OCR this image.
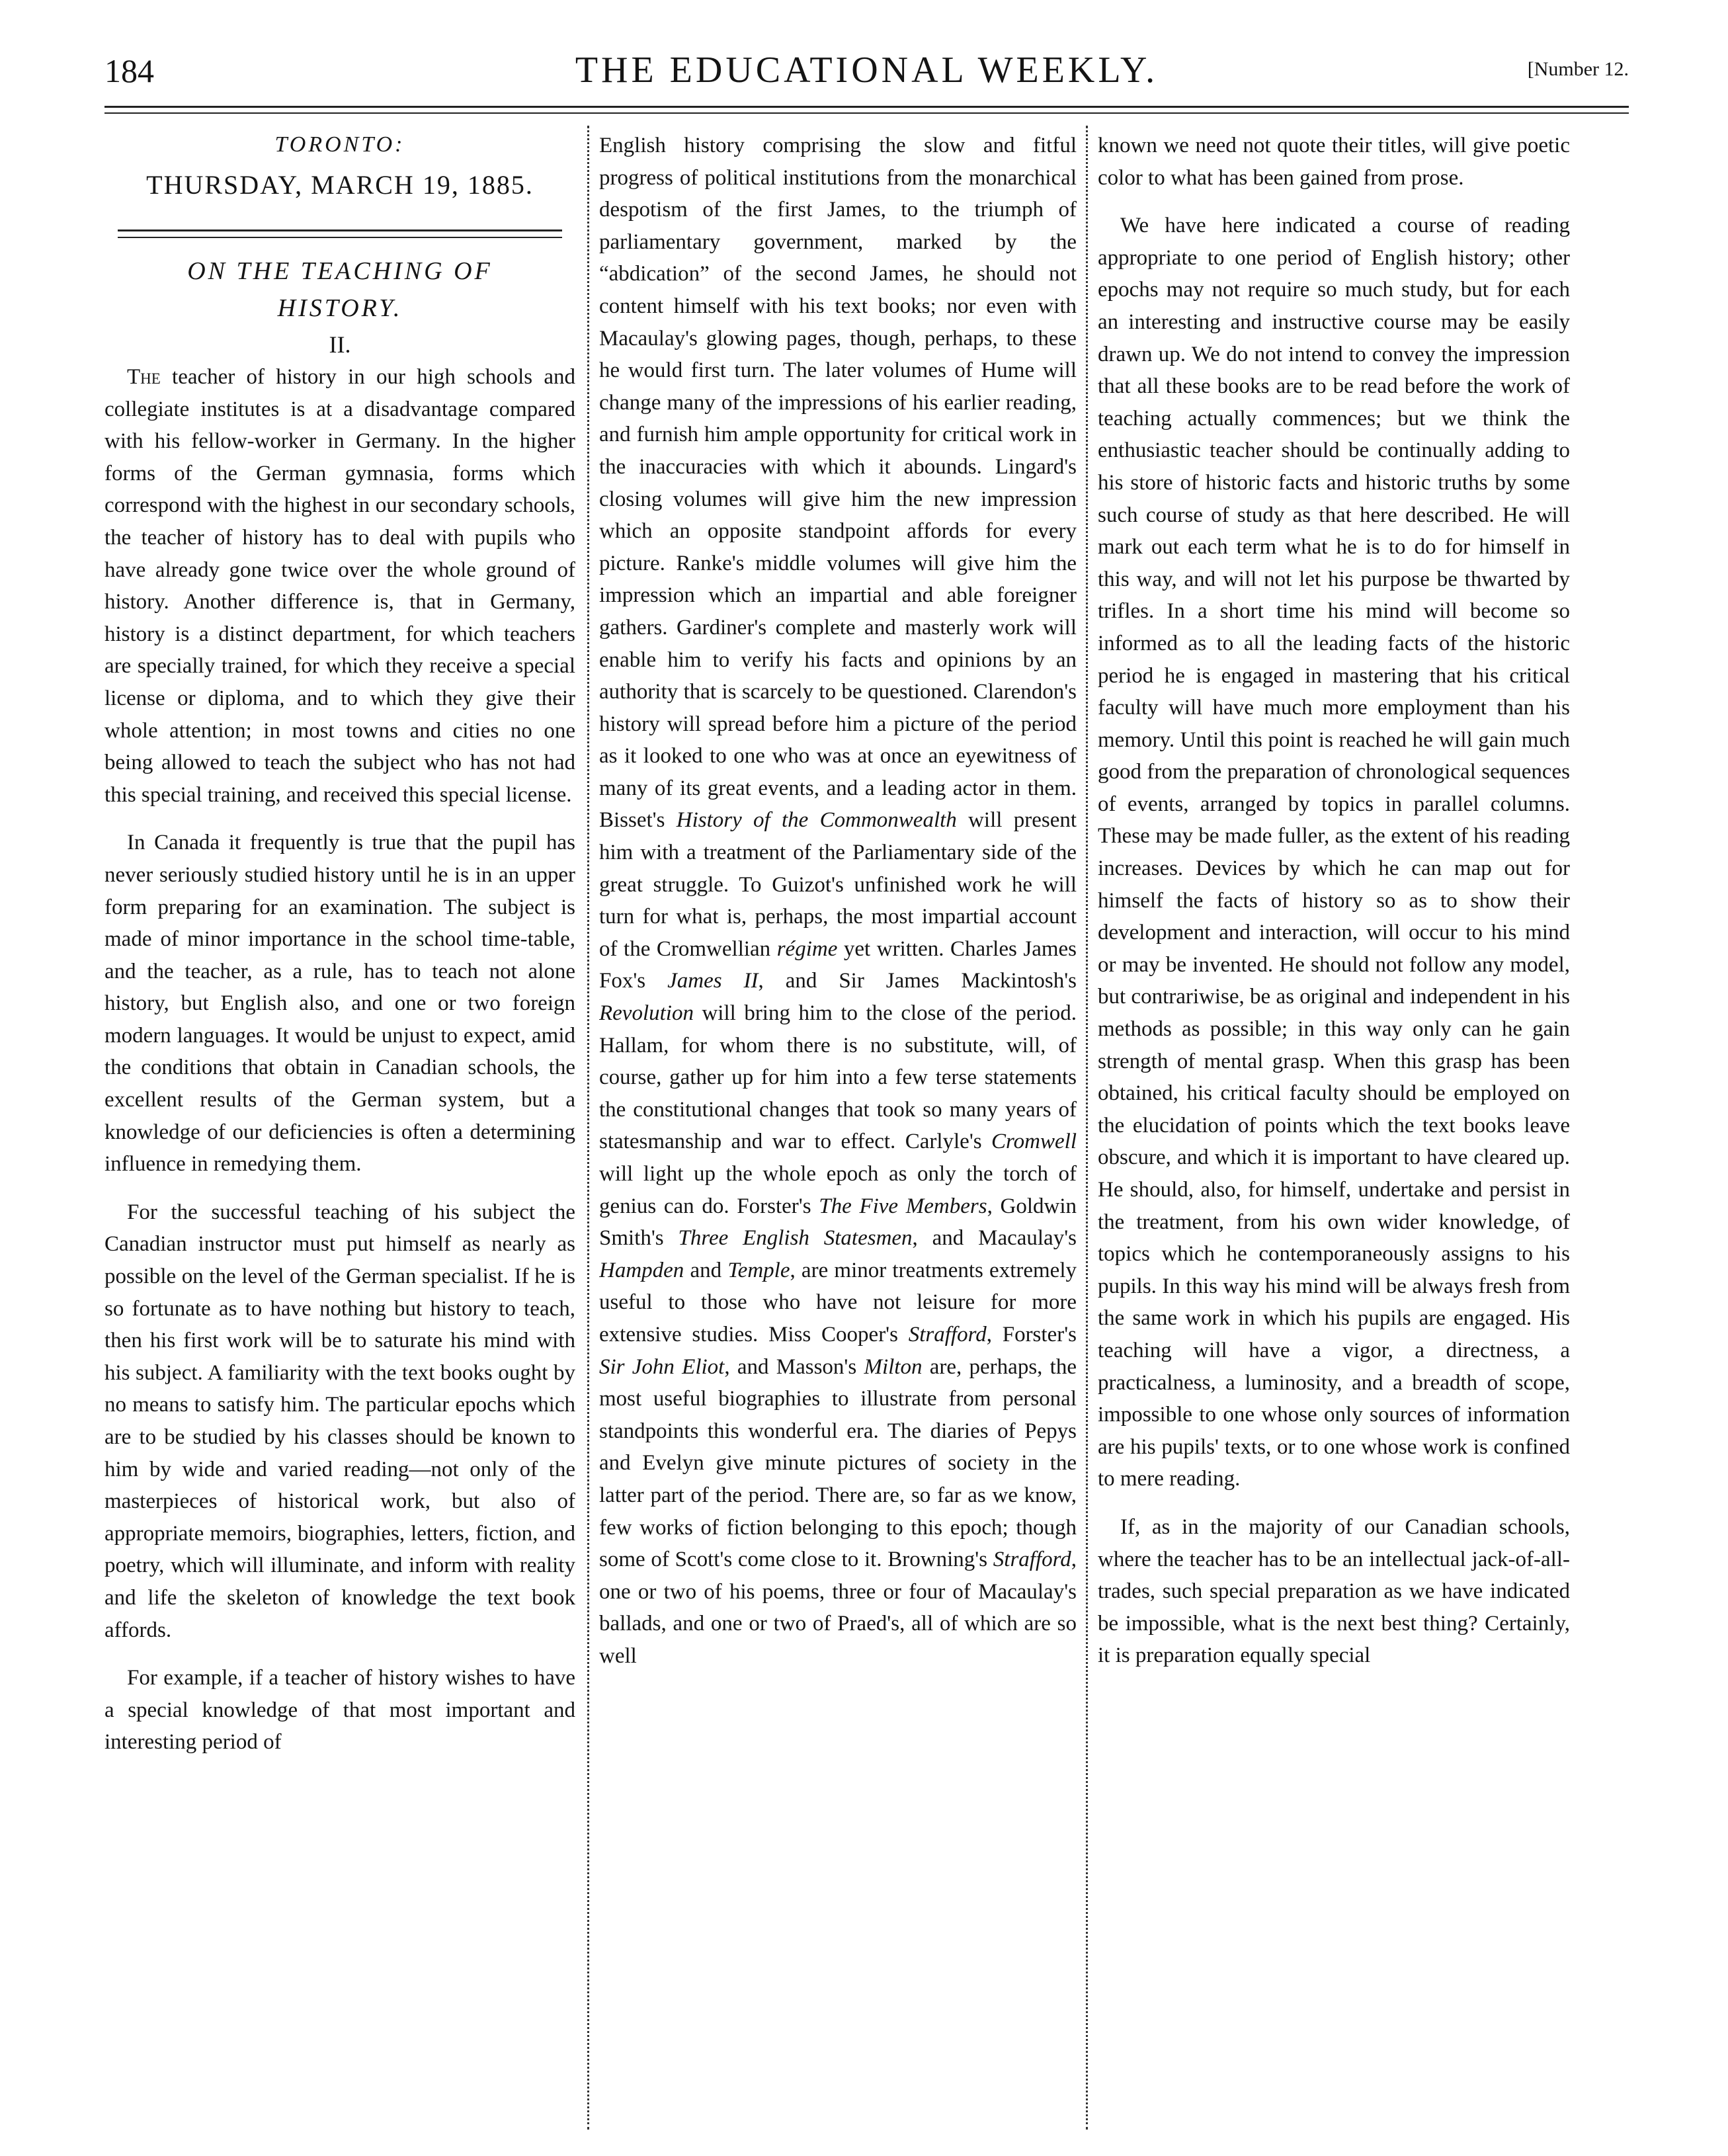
184	THE EDUCATIONAL WEEKLY.	[Number 12.
TORONTO:
THURSDAY, MARCH 19, 1885.
ON THE TEACHING OF HISTORY.
II.

The teacher of history in our high schools and collegiate institutes is at a disadvantage compared with his fellow-worker in Germany. In the higher forms of the German gymnasia, forms which correspond with the highest in our secondary schools, the teacher of history has to deal with pupils who have already gone twice over the whole ground of history. Another difference is, that in Germany, history is a distinct department, for which teachers are specially trained, for which they receive a special license or diploma, and to which they give their whole attention; in most towns and cities no one being allowed to teach the subject who has not had this special training, and received this special license.

In Canada it frequently is true that the pupil has never seriously studied history until he is in an upper form preparing for an examination. The subject is made of minor importance in the school time-table, and the teacher, as a rule, has to teach not alone history, but English also, and one or two foreign modern languages. It would be unjust to expect, amid the conditions that obtain in Canadian schools, the excellent results of the German system, but a knowledge of our deficiencies is often a determining influence in remedying them.

For the successful teaching of his subject the Canadian instructor must put himself as nearly as possible on the level of the German specialist. If he is so fortunate as to have nothing but history to teach, then his first work will be to saturate his mind with his subject. A familiarity with the text books ought by no means to satisfy him. The particular epochs which are to be studied by his classes should be known to him by wide and varied reading—not only of the masterpieces of historical work, but also of appropriate memoirs, biographies, letters, fiction, and poetry, which will illuminate, and inform with reality and life the skeleton of knowledge the text book affords.

For example, if a teacher of history wishes to have a special knowledge of that most important and interesting period of

English history comprising the slow and fitful progress of political institutions from the monarchical despotism of the first James, to the triumph of parliamentary government, marked by the “abdication” of the second James, he should not content himself with his text books; nor even with Macaulay's glowing pages, though, perhaps, to these he would first turn. The later volumes of Hume will change many of the impressions of his earlier reading, and furnish him ample opportunity for critical work in the inaccuracies with which it abounds. Lingard's closing volumes will give him the new impression which an opposite standpoint affords for every picture. Ranke's middle volumes will give him the impression which an impartial and able foreigner gathers. Gardiner's complete and masterly work will enable him to verify his facts and opinions by an authority that is scarcely to be questioned. Clarendon's history will spread before him a picture of the period as it looked to one who was at once an eyewitness of many of its great events, and a leading actor in them. Bisset's History of the Commonwealth will present him with a treatment of the Parliamentary side of the great struggle. To Guizot's unfinished work he will turn for what is, perhaps, the most impartial account of the Cromwellian régime yet written. Charles James Fox's James II, and Sir James Mackintosh's Revolution will bring him to the close of the period. Hallam, for whom there is no substitute, will, of course, gather up for him into a few terse statements the constitutional changes that took so many years of statesmanship and war to effect. Carlyle's Cromwell will light up the whole epoch as only the torch of genius can do. Forster's The Five Members, Goldwin Smith's Three English Statesmen, and Macaulay's Hampden and Temple, are minor treatments extremely useful to those who have not leisure for more extensive studies. Miss Cooper's Strafford, Forster's Sir John Eliot, and Masson's Milton are, perhaps, the most useful biographies to illustrate from personal standpoints this wonderful era. The diaries of Pepys and Evelyn give minute pictures of society in the latter part of the period. There are, so far as we know, few works of fiction belonging to this epoch; though some of Scott's come close to it. Browning's Strafford, one or two of his poems, three or four of Macaulay's ballads, and one or two of Praed's, all of which are so well

known we need not quote their titles, will give poetic color to what has been gained from prose.

We have here indicated a course of reading appropriate to one period of English history; other epochs may not require so much study, but for each an interesting and instructive course may be easily drawn up. We do not intend to convey the impression that all these books are to be read before the work of teaching actually commences; but we think the enthusiastic teacher should be continually adding to his store of historic facts and historic truths by some such course of study as that here described. He will mark out each term what he is to do for himself in this way, and will not let his purpose be thwarted by trifles. In a short time his mind will become so informed as to all the leading facts of the historic period he is engaged in mastering that his critical faculty will have much more employment than his memory. Until this point is reached he will gain much good from the preparation of chronological sequences of events, arranged by topics in parallel columns. These may be made fuller, as the extent of his reading increases. Devices by which he can map out for himself the facts of history so as to show their development and interaction, will occur to his mind or may be invented. He should not follow any model, but contrariwise, be as original and independent in his methods as possible; in this way only can he gain strength of mental grasp. When this grasp has been obtained, his critical faculty should be employed on the elucidation of points which the text books leave obscure, and which it is important to have cleared up. He should, also, for himself, undertake and persist in the treatment, from his own wider knowledge, of topics which he contemporaneously assigns to his pupils. In this way his mind will be always fresh from the same work in which his pupils are engaged. His teaching will have a vigor, a directness, a practicalness, a luminosity, and a breadth of scope, impossible to one whose only sources of information are his pupils' texts, or to one whose work is confined to mere reading.

If, as in the majority of our Canadian schools, where the teacher has to be an intellectual jack-of-all-trades, such special preparation as we have indicated be impossible, what is the next best thing? Certainly, it is preparation equally special
